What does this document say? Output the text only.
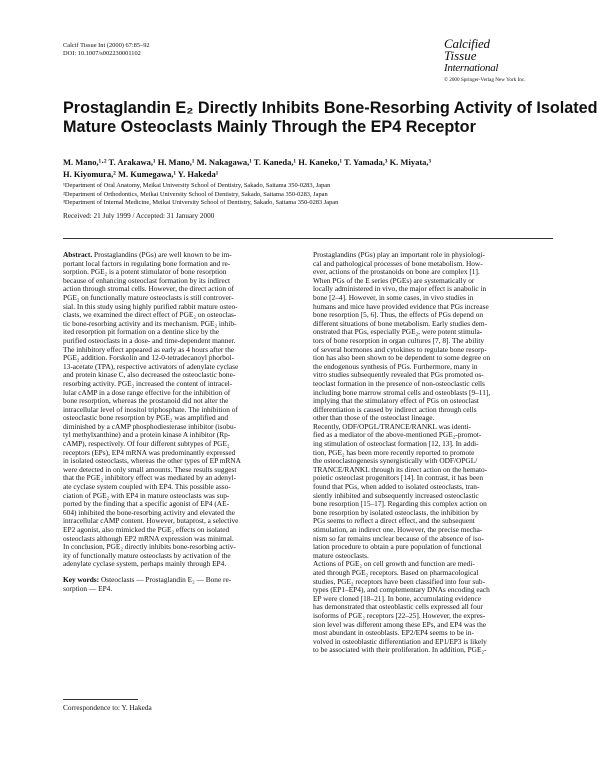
Calcif Tissue Int (2000) 67:85–92
DOI: 10.1007/s002230001102
Calcified
Tissue
International
© 2000 Springer-Verlag New York Inc.
Prostaglandin E₂ Directly Inhibits Bone-Resorbing Activity of Isolated
Mature Osteoclasts Mainly Through the EP4 Receptor
M. Mano,¹·² T. Arakawa,¹ H. Mano,¹ M. Nakagawa,¹ T. Kaneda,¹ H. Kaneko,¹ T. Yamada,³ K. Miyata,³
H. Kiyomura,² M. Kumegawa,¹ Y. Hakeda¹
¹Department of Oral Anatomy, Meikai University School of Dentistry, Sakado, Saitama 350-0283, Japan
²Department of Orthodontics, Meikai University School of Dentistry, Sakado, Saitama 350-0283, Japan
³Department of Internal Medicine, Meikai University School of Dentistry, Sakado, Saitama 350-0283 Japan
Received: 21 July 1999 / Accepted: 31 January 2000
Abstract. Prostaglandins (PGs) are well known to be im-
portant local factors in regulating bone formation and re-
sorption. PGE₂ is a potent stimulator of bone resorption
because of enhancing osteoclast formation by its indirect
action through stromal cells. However, the direct action of
PGE₂ on functionally mature osteoclasts is still controver-
sial. In this study using highly purified rabbit mature osteo-
clasts, we examined the direct effect of PGE₂ on osteoclas-
tic bone-resorbing activity and its mechanism. PGE₂ inhib-
ited resorption pit formation on a dentine slice by the
purified osteoclasts in a dose- and time-dependent manner.
The inhibitory effect appeared as early as 4 hours after the
PGE₂ addition. Forskolin and 12-0-tetradecanoyl phorbol-
13-acetate (TPA), respective activators of adenylate cyclase
and protein kinase C, also decreased the osteoclastic bone-
resorbing activity. PGE₂ increased the content of intracel-
lular cAMP in a dose range effective for the inhibition of
bone resorption, whereas the prostanoid did not alter the
intracellular level of inositol triphosphate. The inhibition of
osteoclastic bone resorption by PGE₂ was amplified and
diminished by a cAMP phosphodiesterase inhibitor (isobu-
tyl methylxanthine) and a protein kinase A inhibitor (Rp-
cAMP), respectively. Of four different subtypes of PGE₂
receptors (EPs), EP4 mRNA was predominantly expressed
in isolated osteoclasts, whereas the other types of EP mRNA
were detected in only small amounts. These results suggest
that the PGE₂ inhibitory effect was mediated by an adenyl-
ate cyclase system coupled with EP4. This possible asso-
ciation of PGE₂ with EP4 in mature osteoclasts was sup-
ported by the finding that a specific agonist of EP4 (AE-
604) inhibited the bone-resorbing activity and elevated the
intracellular cAMP content. However, butaprost, a selective
EP2 agonist, also mimicked the PGE₂ effects on isolated
osteoclasts although EP2 mRNA expression was minimal.
In conclusion, PGE₂ directly inhibits bone-resorbing activ-
ity of functionally mature osteoclasts by activation of the
adenylate cyclase system, perhaps mainly through EP4.
Key words: Osteoclasts — Prostaglandin E₂ — Bone re-
sorption — EP4.
Correspondence to: Y. Hakeda
Prostaglandins (PGs) play an important role in physiologi-
cal and pathological processes of bone metabolism. How-
ever, actions of the prostanoids on bone are complex [1].
When PGs of the E series (PGEs) are systematically or
locally administered in vivo, the major effect is anabolic in
bone [2–4]. However, in some cases, in vivo studies in
humans and mice have provided evidence that PGs increase
bone resorption [5, 6]. Thus, the effects of PGs depend on
different situations of bone metabolism. Early studies dem-
onstrated that PGs, especially PGE₂, were potent stimula-
tors of bone resorption in organ cultures [7, 8]. The ability
of several hormones and cytokines to regulate bone resorp-
tion has also been shown to be dependent to some degree on
the endogenous synthesis of PGs. Furthermore, many in
vitro studies subsequently revealed that PGs promoted os-
teoclast formation in the presence of non-osteoclastic cells
including bone marrow stromal cells and osteoblasts [9–11],
implying that the stimulatory effect of PGs on osteoclast
differentiation is caused by indirect action through cells
other than those of the osteoclast lineage.
Recently, ODF/OPGL/TRANCE/RANKL was identi-
fied as a mediator of the above-mentioned PGE₂-promot-
ing stimulation of osteoclast formation [12, 13]. In addi-
tion, PGE₂ has been more recently reported to promote
the osteoclastogenesis synergistically with ODF/OPGL/
TRANCE/RANKL through its direct action on the hemato-
poietic osteoclast progenitors [14]. In contrast, it has been
found that PGs, when added to isolated osteoclasts, tran-
siently inhibited and subsequently increased osteoclastic
bone resorption [15–17]. Regarding this complex action on
bone resorption by isolated osteoclasts, the inhibition by
PGs seems to reflect a direct effect, and the subsequent
stimulation, an indirect one. However, the precise mecha-
nism so far remains unclear because of the absence of iso-
lation procedure to obtain a pure population of functional
mature osteoclasts.
Actions of PGE₂ on cell growth and function are medi-
ated through PGE₂ receptors. Based on pharmacological
studies, PGE₂ receptors have been classified into four sub-
types (EP1–EP4), and complementary DNAs encoding each
EP were cloned [18–21]. In bone, accumulating evidence
has demonstrated that osteoblastic cells expressed all four
isoforms of PGE₂ receptors [22–25]. However, the expres-
sion level was different among these EPs, and EP4 was the
most abundant in osteoblasts. EP2/EP4 seems to be in-
volved in osteoblastic differentiation and EP1/EP3 is likely
to be associated with their proliferation. In addition, PGE₂-
